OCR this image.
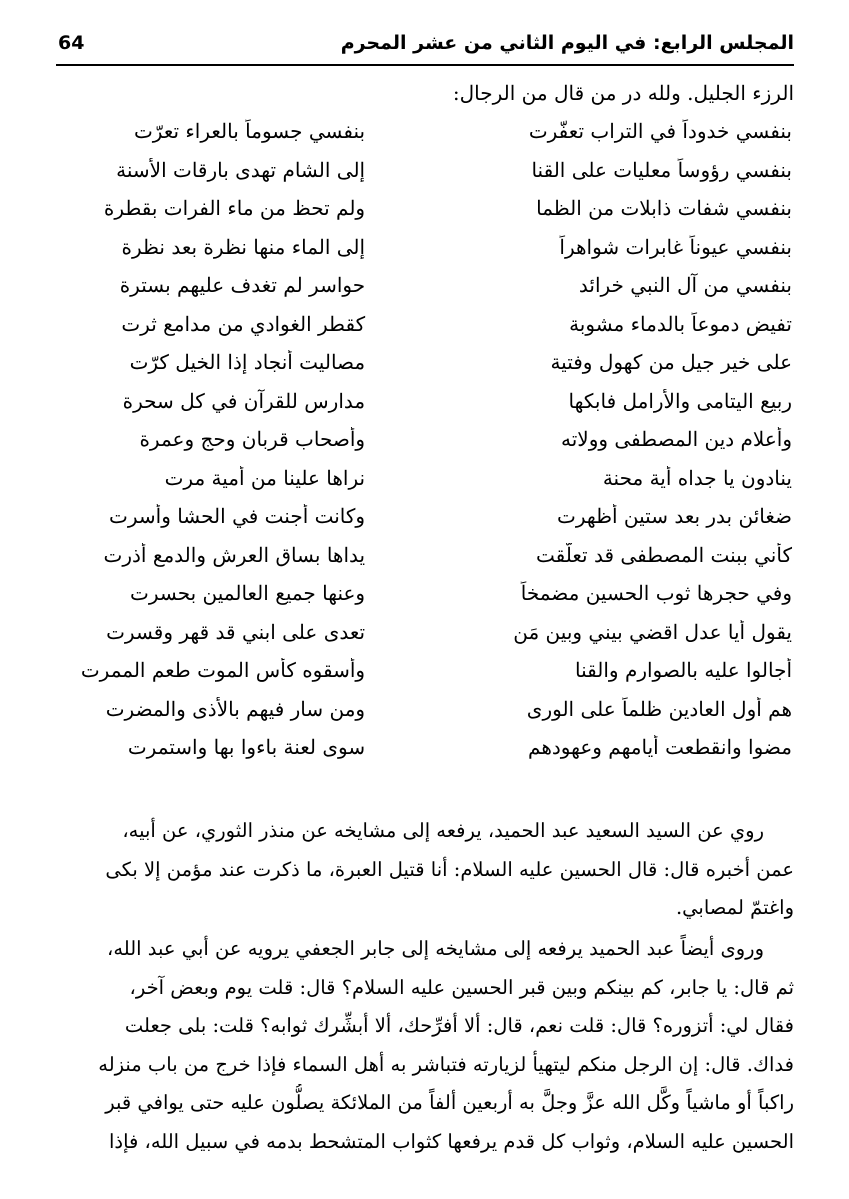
المجلس الرابع: في اليوم الثاني من عشر المحرم
64
الرزء الجليل. ولله در من قال من الرجال:
بنفسي خدوداً في التراب تعفّرت
بنفسي جسوماً بالعراء تعرّت
بنفسي رؤوساً معليات على القنا
إلى الشام تهدى بارقات الأسنة
بنفسي شفات ذابلات من الظما
ولم تحظ من ماء الفرات بقطرة
بنفسي عيوناً غابرات شواهراً
إلى الماء منها نظرة بعد نظرة
بنفسي من آل النبي خرائد
حواسر لم تغدف عليهم بسترة
تفيض دموعاً بالدماء مشوبة
كقطر الغوادي من مدامع ثرت
على خير جيل من كهول وفتية
مصاليت أنجاد إذا الخيل كرّت
ربيع اليتامى والأرامل فابكها
مدارس للقرآن في كل سحرة
وأعلام دين المصطفى وولاته
وأصحاب قربان وحج وعمرة
ينادون يا جداه أية محنة
نراها علينا من أمية مرت
ضغائن بدر بعد ستين أظهرت
وكانت أجنت في الحشا وأسرت
كأني ببنت المصطفى قد تعلّقت
يداها بساق العرش والدمع أذرت
وفي حجرها ثوب الحسين مضمخاً
وعنها جميع العالمين بحسرت
يقول أيا عدل اقضي بيني وبين مَن
تعدى على ابني قد قهر وقسرت
أجالوا عليه بالصوارم والقنا
وأسقوه كأس الموت طعم الممرت
هم أول العادين ظلماً على الورى
ومن سار فيهم بالأذى والمضرت
مضوا وانقطعت أيامهم وعهودهم
سوى لعنة باءوا بها واستمرت
روي عن السيد السعيد عبد الحميد، يرفعه إلى مشايخه عن منذر الثوري، عن أبيه،
عمن أخبره قال: قال الحسين عليه السلام: أنا قتيل العبرة، ما ذكرت عند مؤمن إلا بكى
واغتمّ لمصابي.
وروى أيضاً عبد الحميد يرفعه إلى مشايخه إلى جابر الجعفي يرويه عن أبي عبد الله،
ثم قال: يا جابر، كم بينكم وبين قبر الحسين عليه السلام؟ قال: قلت يوم وبعض آخر،
فقال لي: أتزوره؟ قال: قلت نعم، قال: ألا أفرِّحك، ألا أبشِّرك ثوابه؟ قلت: بلى جعلت
فداك. قال: إن الرجل منكم ليتهيأ لزيارته فتباشر به أهل السماء فإذا خرج من باب منزله
راكباً أو ماشياً وكَّل الله عزَّ وجلَّ به أربعين ألفاً من الملائكة يصلُّون عليه حتى يوافي قبر
الحسين عليه السلام، وثواب كل قدم يرفعها كثواب المتشحط بدمه في سبيل الله، فإذا
